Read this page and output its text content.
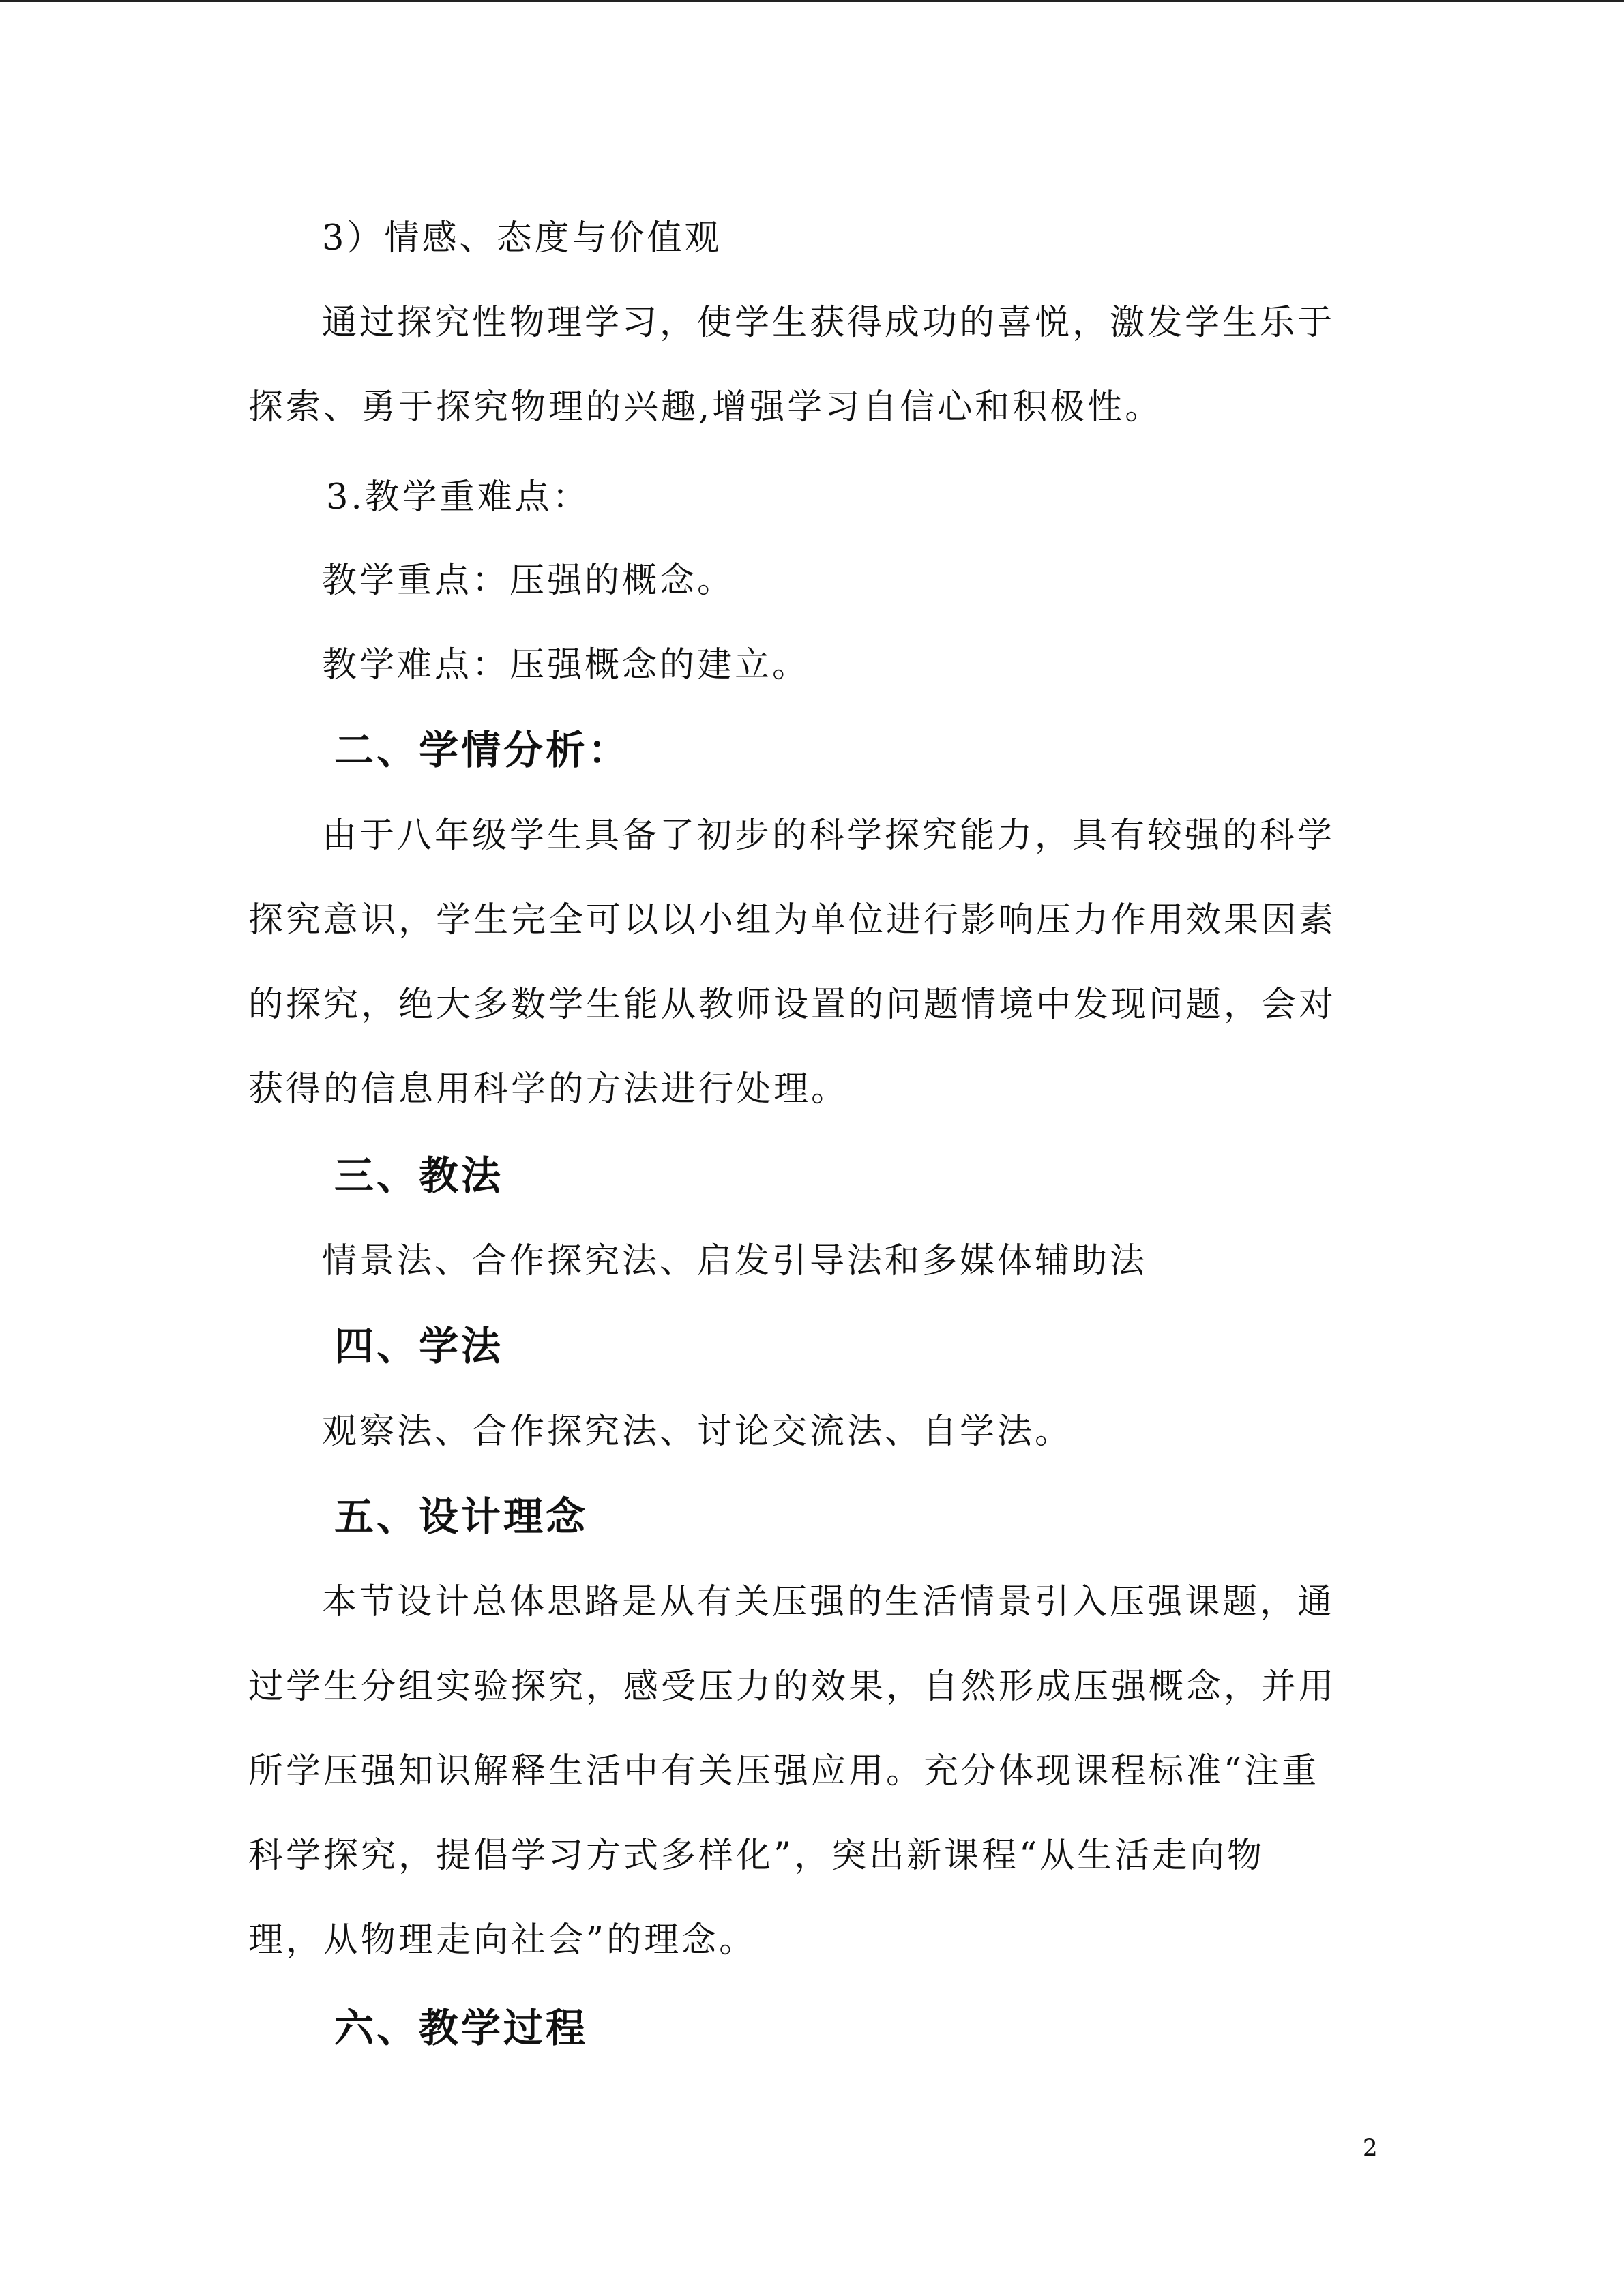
3）情感、态度与价值观
通过探究性物理学习，使学生获得成功的喜悦，激发学生乐于
探索、勇于探究物理的兴趣,增强学习自信心和积极性。
3.教学重难点：
教学重点：压强的概念。
教学难点：压强概念的建立。
二、学情分析：
由于八年级学生具备了初步的科学探究能力，具有较强的科学
探究意识，学生完全可以以小组为单位进行影响压力作用效果因素
的探究，绝大多数学生能从教师设置的问题情境中发现问题，会对
获得的信息用科学的方法进行处理。
三、教法
情景法、合作探究法、启发引导法和多媒体辅助法
四、学法
观察法、合作探究法、讨论交流法、自学法。
五、设计理念
本节设计总体思路是从有关压强的生活情景引入压强课题，通
过学生分组实验探究，感受压力的效果，自然形成压强概念，并用
所学压强知识解释生活中有关压强应用。充分体现课程标准“注重
科学探究，提倡学习方式多样化”，突出新课程“从生活走向物
理，从物理走向社会”的理念。
六、教学过程
2
